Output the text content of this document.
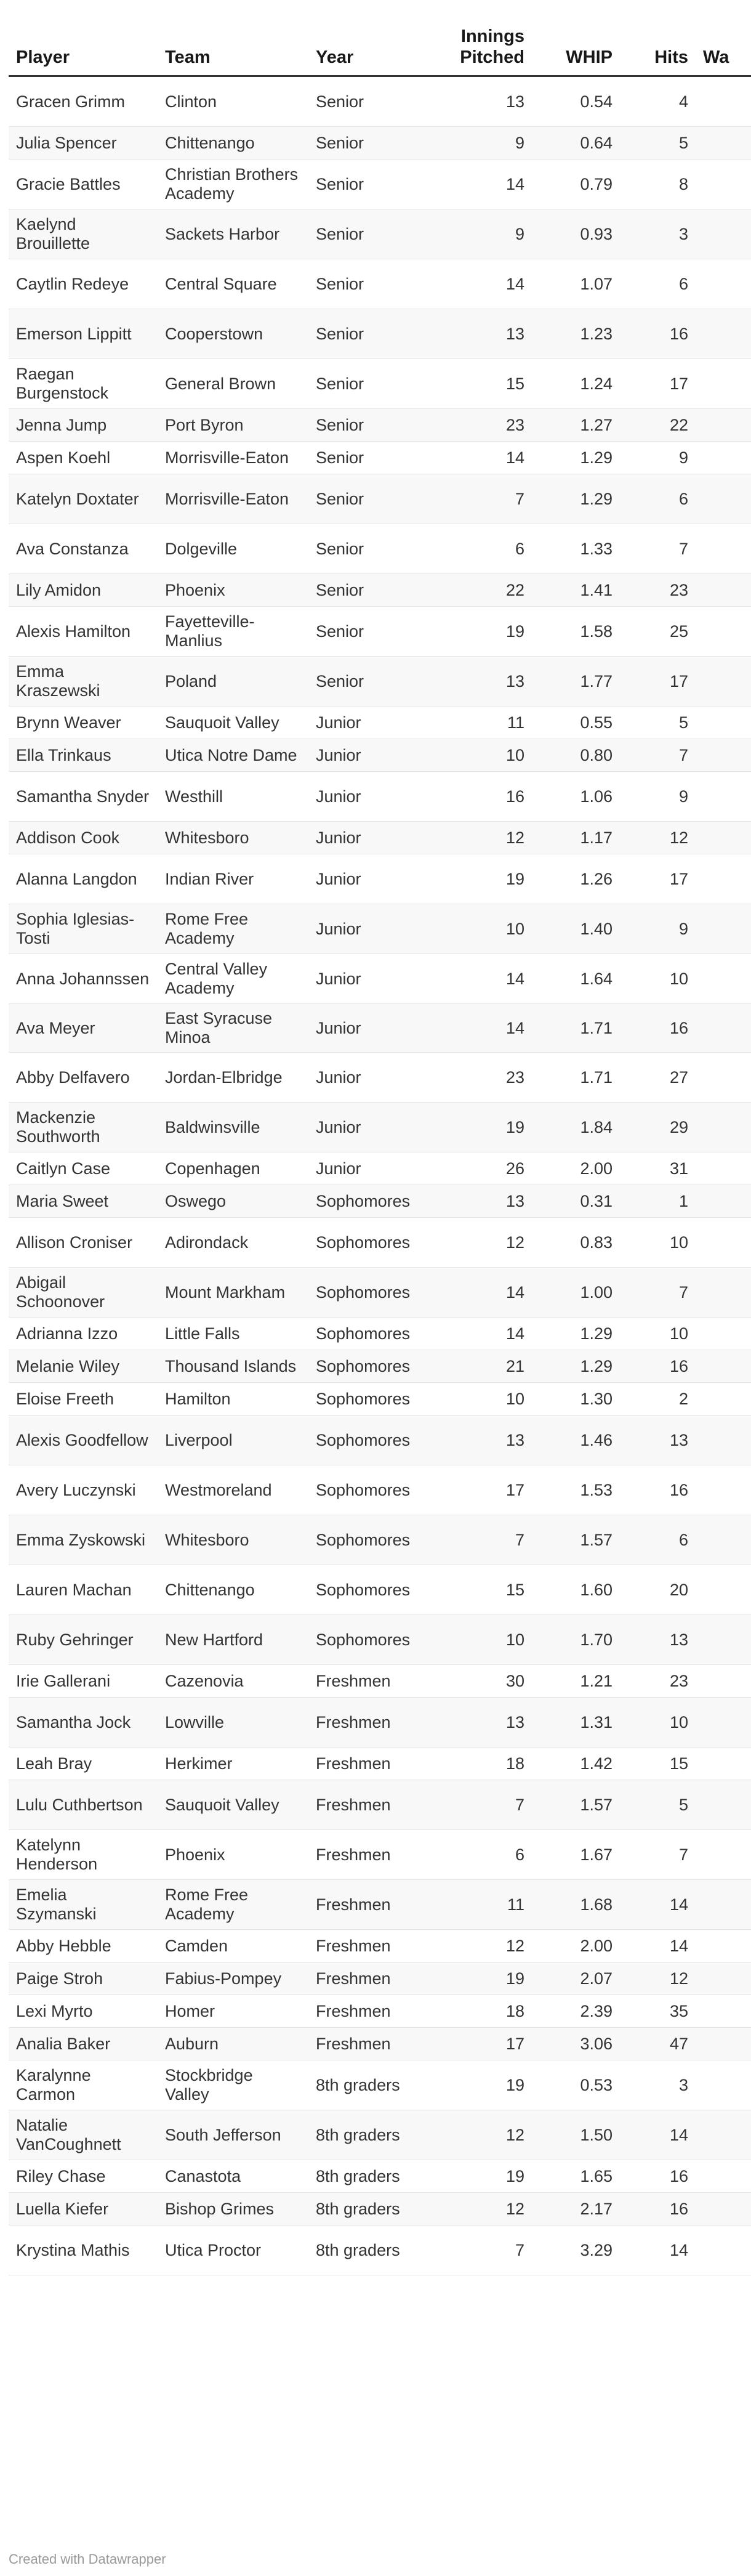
Player	Team	Year	Innings Pitched	WHIP	Hits	Wa
Gracen Grimm	Clinton	Senior	13	0.54	4	
Julia Spencer	Chittenango	Senior	9	0.64	5	
Gracie Battles	Christian Brothers Academy	Senior	14	0.79	8	
Kaelynd Brouillette	Sackets Harbor	Senior	9	0.93	3	
Caytlin Redeye	Central Square	Senior	14	1.07	6	
Emerson Lippitt	Cooperstown	Senior	13	1.23	16	
Raegan Burgenstock	General Brown	Senior	15	1.24	17	
Jenna Jump	Port Byron	Senior	23	1.27	22	
Aspen Koehl	Morrisville-Eaton	Senior	14	1.29	9	
Katelyn Doxtater	Morrisville-Eaton	Senior	7	1.29	6	
Ava Constanza	Dolgeville	Senior	6	1.33	7	
Lily Amidon	Phoenix	Senior	22	1.41	23	
Alexis Hamilton	Fayetteville-Manlius	Senior	19	1.58	25	
Emma Kraszewski	Poland	Senior	13	1.77	17	
Brynn Weaver	Sauquoit Valley	Junior	11	0.55	5	
Ella Trinkaus	Utica Notre Dame	Junior	10	0.80	7	
Samantha Snyder	Westhill	Junior	16	1.06	9	
Addison Cook	Whitesboro	Junior	12	1.17	12	
Alanna Langdon	Indian River	Junior	19	1.26	17	
Sophia Iglesias-Tosti	Rome Free Academy	Junior	10	1.40	9	
Anna Johannssen	Central Valley Academy	Junior	14	1.64	10	
Ava Meyer	East Syracuse Minoa	Junior	14	1.71	16	
Abby Delfavero	Jordan-Elbridge	Junior	23	1.71	27	
Mackenzie Southworth	Baldwinsville	Junior	19	1.84	29	
Caitlyn Case	Copenhagen	Junior	26	2.00	31	
Maria Sweet	Oswego	Sophomores	13	0.31	1	
Allison Croniser	Adirondack	Sophomores	12	0.83	10	
Abigail Schoonover	Mount Markham	Sophomores	14	1.00	7	
Adrianna Izzo	Little Falls	Sophomores	14	1.29	10	
Melanie Wiley	Thousand Islands	Sophomores	21	1.29	16	
Eloise Freeth	Hamilton	Sophomores	10	1.30	2	
Alexis Goodfellow	Liverpool	Sophomores	13	1.46	13	
Avery Luczynski	Westmoreland	Sophomores	17	1.53	16	
Emma Zyskowski	Whitesboro	Sophomores	7	1.57	6	
Lauren Machan	Chittenango	Sophomores	15	1.60	20	
Ruby Gehringer	New Hartford	Sophomores	10	1.70	13	
Irie Gallerani	Cazenovia	Freshmen	30	1.21	23	
Samantha Jock	Lowville	Freshmen	13	1.31	10	
Leah Bray	Herkimer	Freshmen	18	1.42	15	
Lulu Cuthbertson	Sauquoit Valley	Freshmen	7	1.57	5	
Katelynn Henderson	Phoenix	Freshmen	6	1.67	7	
Emelia Szymanski	Rome Free Academy	Freshmen	11	1.68	14	
Abby Hebble	Camden	Freshmen	12	2.00	14	
Paige Stroh	Fabius-Pompey	Freshmen	19	2.07	12	
Lexi Myrto	Homer	Freshmen	18	2.39	35	
Analia Baker	Auburn	Freshmen	17	3.06	47	
Karalynne Carmon	Stockbridge Valley	8th graders	19	0.53	3	
Natalie VanCoughnett	South Jefferson	8th graders	12	1.50	14	
Riley Chase	Canastota	8th graders	19	1.65	16	
Luella Kiefer	Bishop Grimes	8th graders	12	2.17	16	
Krystina Mathis	Utica Proctor	8th graders	7	3.29	14	
Created with Datawrapper
